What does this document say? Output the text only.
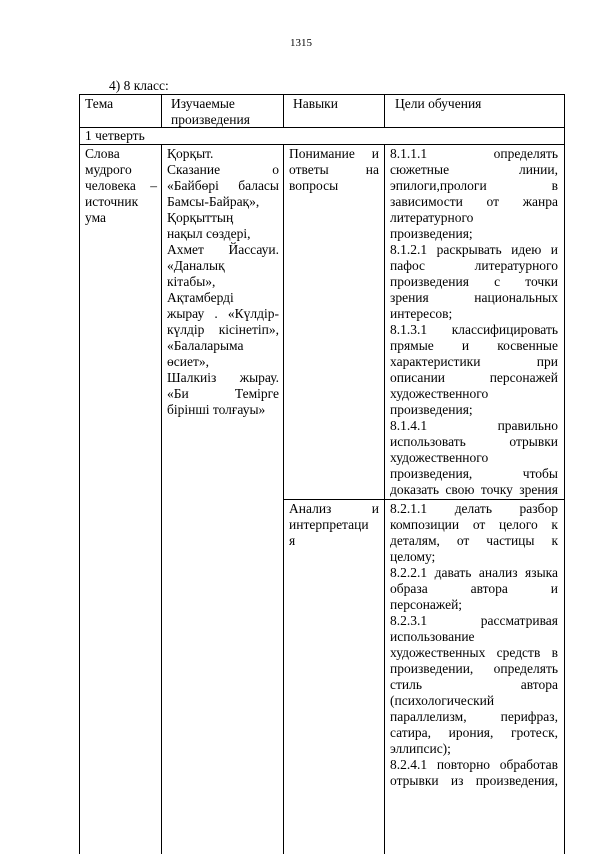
1315
4) 8 класс:
Тема	Изучаемые
произведения
Навыки	Цели обучения
1 четверть
Слова
мудрого
человека –
источник
ума
Қорқыт.
Сказание о
«Байбөрі баласы
Бамсы-Байрақ»,
Қорқыттың
нақыл сөздері,
Ахмет Йассауи.
«Даналық
кітабы»,
Ақтамберді
жырау . «Күлдір-
күлдір кісінетіп»,
«Балаларыма
өсиет»,
Шалкиіз жырау.
«Би Темірге
бірінші толғауы»
Понимание и
ответы на
вопросы
Анализ и
интерпретаци
я
8.1.1.1 определять
сюжетные линии,
эпилоги,прологи в
зависимости от жанра
литературного
произведения;
8.1.2.1 раскрывать идею и
пафос литературного
произведения с точки
зрения национальных
интересов;
8.1.3.1 классифицировать
прямые и косвенные
характеристики при
описании персонажей
художественного
произведения;
8.1.4.1 правильно
использовать отрывки
художественного
произведения, чтобы
доказать свою точку зрения
8.2.1.1 делать разбор
композиции от целого к
деталям, от частицы к
целому;
8.2.2.1 давать анализ языка
образа автора и
персонажей;
8.2.3.1 рассматривая
использование
художественных средств в
произведении, определять
стиль автора
(психологический
параллелизм, перифраз,
сатира, ирония, гротеск,
эллипсис);
8.2.4.1 повторно обработав
отрывки из произведения,
